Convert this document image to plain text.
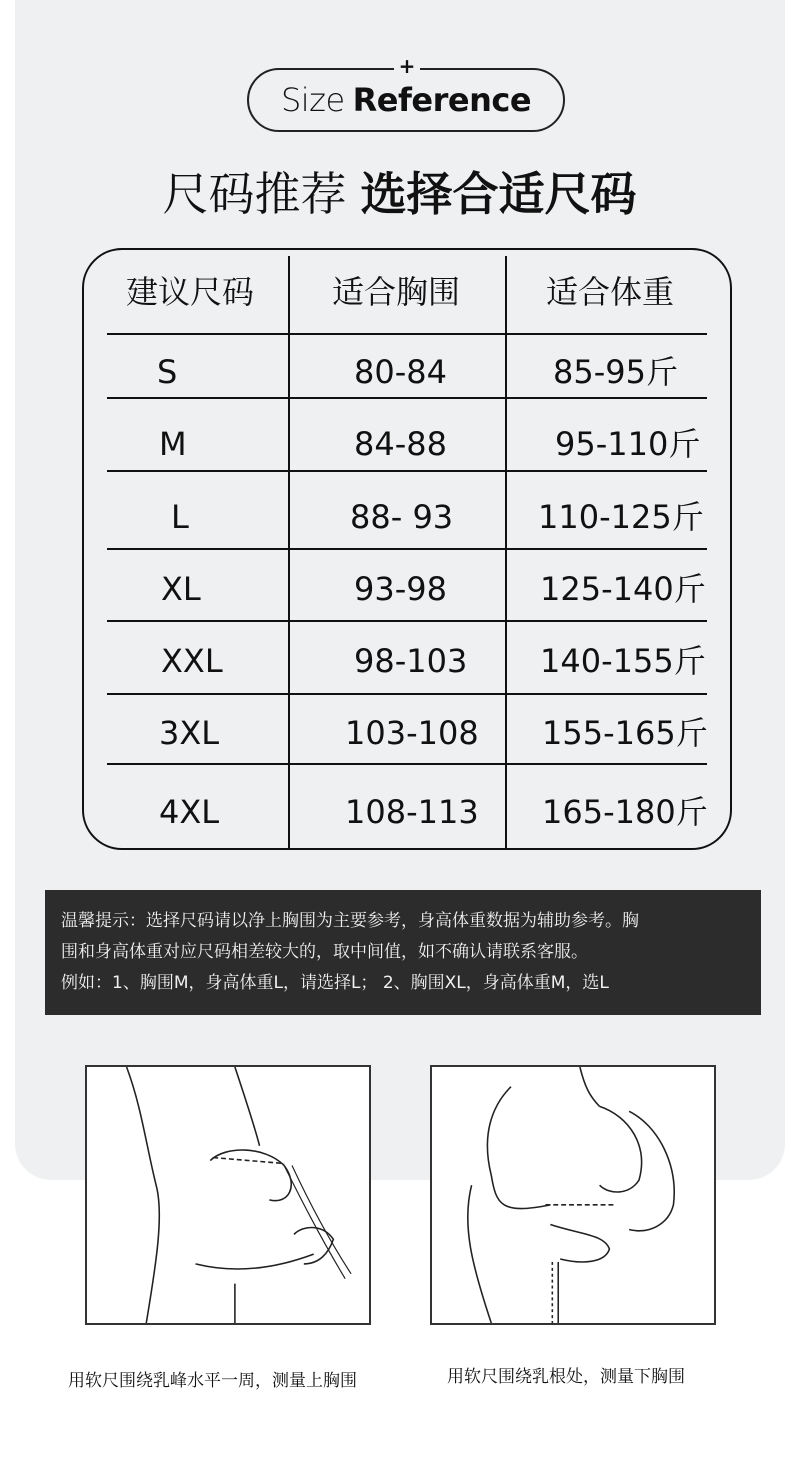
Size Reference
+
尺码推荐 选择合适尺码
建议尺码 适合胸围	适合体重
S	80-84	85-95斤
M	84-88	95-110斤
L	88- 93	110-125斤
XL	93-98	125-140斤
XXL	98-103 140-155斤
3XL	103-108 155-165斤
4XL	108-113 165-180斤
温馨提示：选择尺码请以净上胸围为主要参考，身高体重数据为辅助参考。胸
围和身高体重对应尺码相差较大的，取中间值，如不确认请联系客服。
例如：1、胸围M，身高体重L，请选择L； 2、胸围XL，身高体重M，选L
用软尺围绕乳峰水平一周，测量上胸围	用软尺围绕乳根处，测量下胸围
